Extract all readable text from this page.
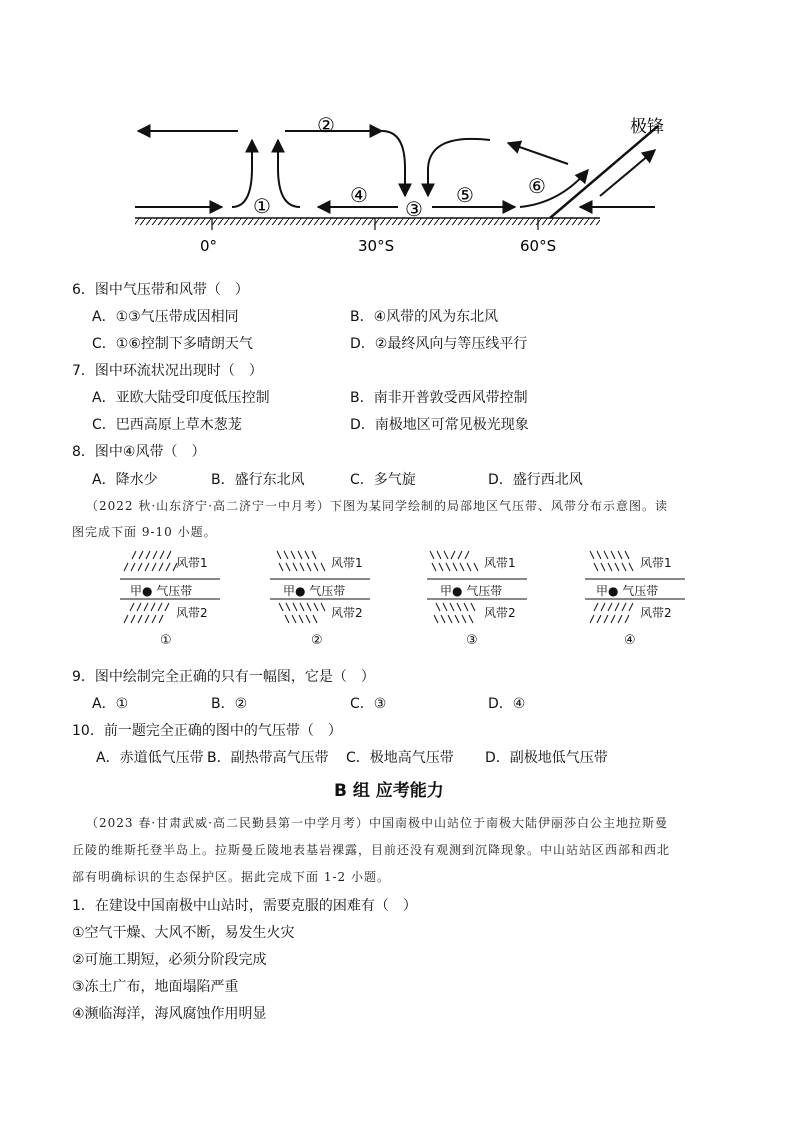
极锋
0°	30°S	60°S
①
②
③
④	⑤	⑥
6．图中气压带和风带（　）
A．①③气压带成因相同	B．④风带的风为东北风
C．①⑥控制下多晴朗天气	D．②最终风向与等压线平行
7．图中环流状况出现时（　）
A．亚欧大陆受印度低压控制	B．南非开普敦受西风带控制
C．巴西高原上草木葱茏	D．南极地区可常见极光现象
8．图中④风带（　）
A．降水少	B．盛行东北风	C．多气旋	D．盛行西北风
（2022 秋·山东济宁·高二济宁一中月考）下图为某同学绘制的局部地区气压带、风带分布示意图。读
图完成下面 9-10 小题。
风带1
甲● 气压带
风带2
①
风带1
甲● 气压带
风带2
②
风带1
甲● 气压带
风带2
③
风带1
甲● 气压带
风带2
④
9．图中绘制完全正确的只有一幅图，它是（　）
A．①	B．②	C．③	D．④
10．前一题完全正确的图中的气压带（　）
A．赤道低气压带 B．副热带高气压带 C．极地高气压带 D．副极地低气压带
B 组 应考能力
（2023 春·甘肃武威·高二民勤县第一中学月考）中国南极中山站位于南极大陆伊丽莎白公主地拉斯曼
丘陵的维斯托登半岛上。拉斯曼丘陵地表基岩裸露，目前还没有观测到沉降现象。中山站站区西部和西北
部有明确标识的生态保护区。据此完成下面 1-2 小题。
1．在建设中国南极中山站时，需要克服的困难有（　）
①空气干燥、大风不断，易发生火灾
②可施工期短，必须分阶段完成
③冻土广布，地面塌陷严重
④濒临海洋，海风腐蚀作用明显
